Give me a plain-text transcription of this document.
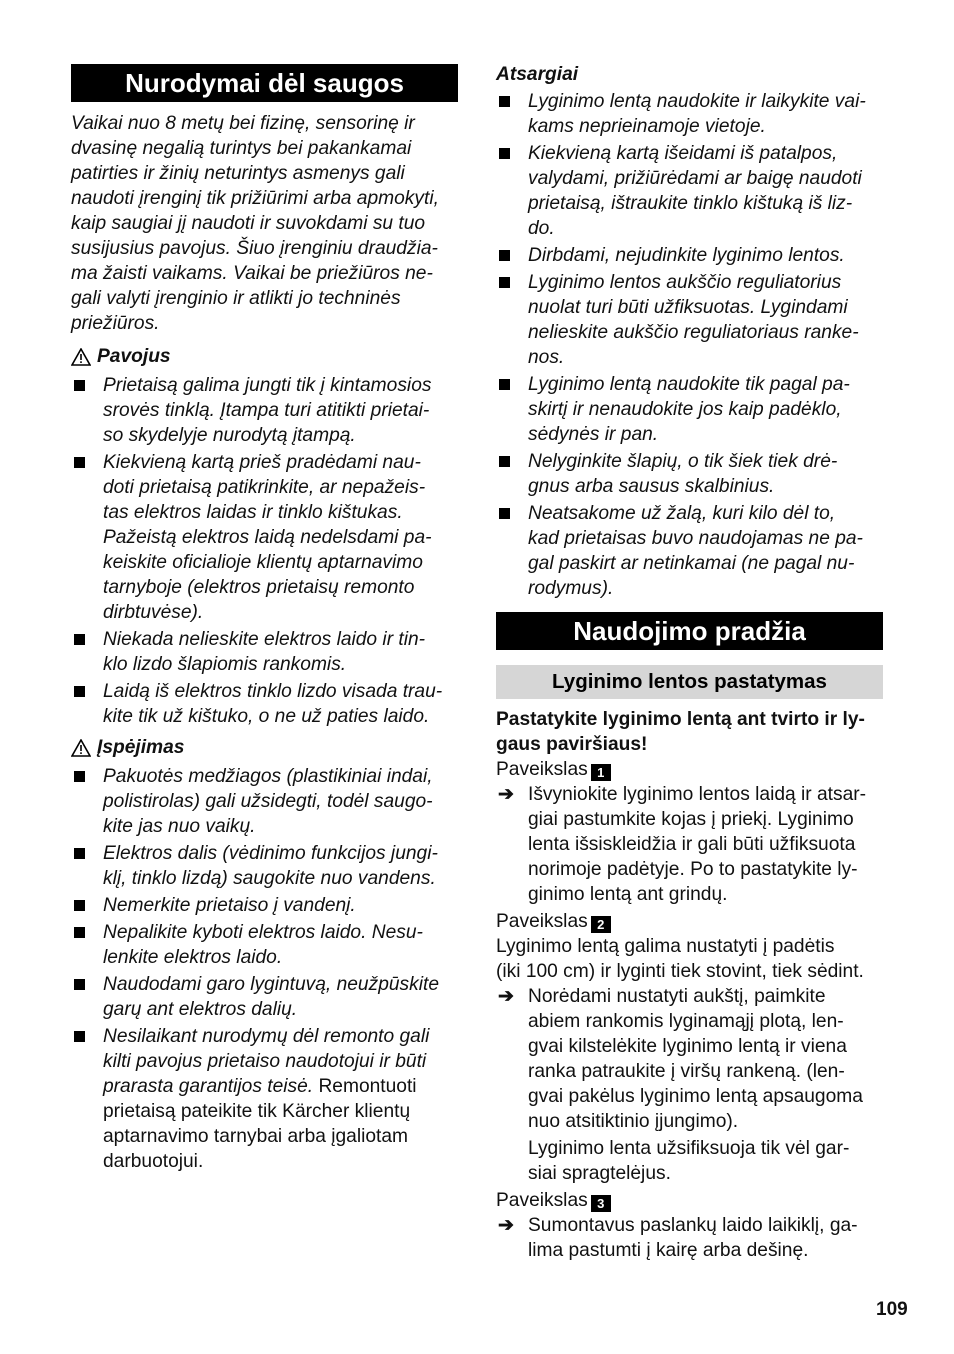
Nurodymai dėl saugos
Vaikai nuo 8 metų bei fizinę, sensorinę ir
dvasinę negalią turintys bei pakankamai
patirties ir žinių neturintys asmenys gali
naudoti įrenginį tik prižiūrimi arba apmokyti,
kaip saugiai jį naudoti ir suvokdami su tuo
susijusius pavojus. Šiuo įrenginiu draudžia-
ma žaisti vaikams. Vaikai be priežiūros ne-
gali valyti įrenginio ir atlikti jo techninės
priežiūros.
Pavojus
Prietaisą galima jungti tik į kintamosios
srovės tinklą. Įtampa turi atitikti prietai-
so skydelyje nurodytą įtampą.
Kiekvieną kartą prieš pradėdami nau-
doti prietaisą patikrinkite, ar nepažeis-
tas elektros laidas ir tinklo kištukas.
Pažeistą elektros laidą nedelsdami pa-
keiskite oficialioje klientų aptarnavimo
tarnyboje (elektros prietaisų remonto
dirbtuvėse).
Niekada nelieskite elektros laido ir tin-
klo lizdo šlapiomis rankomis.
Laidą iš elektros tinklo lizdo visada trau-
kite tik už kištuko, o ne už paties laido.
Įspėjimas
Pakuotės medžiagos (plastikiniai indai,
polistirolas) gali užsidegti, todėl saugo-
kite jas nuo vaikų.
Elektros dalis (vėdinimo funkcijos jungi-
klį, tinklo lizdą) saugokite nuo vandens.
Nemerkite prietaiso į vandenį.
Nepalikite kyboti elektros laido. Nesu-
lenkite elektros laido.
Naudodami garo lygintuvą, neužpūskite
garų ant elektros dalių.
Nesilaikant nurodymų dėl remonto gali
kilti pavojus prietaiso naudotojui ir būti
prarasta garantijos teisė. Remontuoti
prietaisą pateikite tik Kärcher klientų
aptarnavimo tarnybai arba įgaliotam
darbuotojui.
Atsargiai
Lyginimo lentą naudokite ir laikykite vai-
kams neprieinamoje vietoje.
Kiekvieną kartą išeidami iš patalpos,
valydami, prižiūrėdami ar baigę naudoti
prietaisą, ištraukite tinklo kištuką iš liz-
do.
Dirbdami, nejudinkite lyginimo lentos.
Lyginimo lentos aukščio reguliatorius
nuolat turi būti užfiksuotas. Lygindami
nelieskite aukščio reguliatoriaus ranke-
nos.
Lyginimo lentą naudokite tik pagal pa-
skirtį ir nenaudokite jos kaip padėklo,
sėdynės ir pan.
Nelyginkite šlapių, o tik šiek tiek drė-
gnus arba sausus skalbinius.
Neatsakome už žalą, kuri kilo dėl to,
kad prietaisas buvo naudojamas ne pa-
gal paskirt ar netinkamai (ne pagal nu-
rodymus).
Naudojimo pradžia
Lyginimo lentos pastatymas
Pastatykite lyginimo lentą ant tvirto ir ly-
gaus paviršiaus!
Paveikslas 1
➔ Išvyniokite lyginimo lentos laidą ir atsar-
giai pastumkite kojas į priekį. Lyginimo
lenta išsiskleidžia ir gali būti užfiksuota
norimoje padėtyje. Po to pastatykite ly-
ginimo lentą ant grindų.
Paveikslas 2
Lyginimo lentą galima nustatyti į padėtis
(iki 100 cm) ir lyginti tiek stovint, tiek sėdint.
➔ Norėdami nustatyti aukštį, paimkite
abiem rankomis lyginamąjį plotą, len-
gvai kilstelėkite lyginimo lentą ir viena
ranka patraukite į viršų rankeną. (len-
gvai pakėlus lyginimo lentą apsaugoma
nuo atsitiktinio įjungimo).
Lyginimo lenta užsifiksuoja tik vėl gar-
siai spragtelėjus.
Paveikslas 3
➔ Sumontavus paslankų laido laikiklį, ga-
lima pastumti į kairę arba dešinę.
109
